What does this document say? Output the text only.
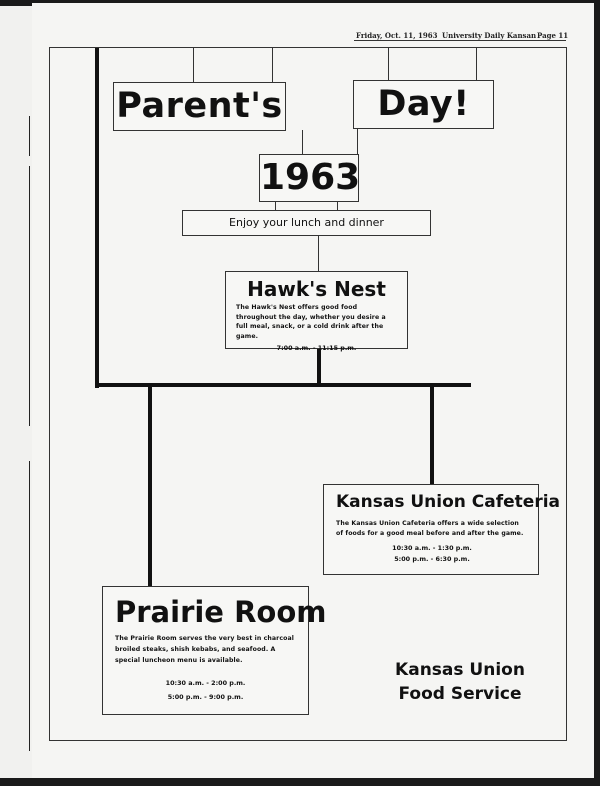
Friday, Oct. 11, 1963 University Daily Kansan Page 11
Parent's	Day!
1963
Enjoy your lunch and dinner
Hawk's Nest
The Hawk's Nest offers good food throughout the day, whether you desire a full meal, snack, or a cold drink after the game.
7:00 a.m. - 11:15 p.m.
Kansas Union Cafeteria
The Kansas Union Cafeteria offers a wide selection of foods for a good meal before and after the game.
10:30 a.m. - 1:30 p.m.
5:00 p.m. - 6:30 p.m.
Prairie Room
The Prairie Room serves the very best in charcoal broiled steaks, shish kebabs, and seafood. A special luncheon menu is available.
10:30 a.m. - 2:00 p.m.
5:00 p.m. - 9:00 p.m.
Kansas Union
Food Service
